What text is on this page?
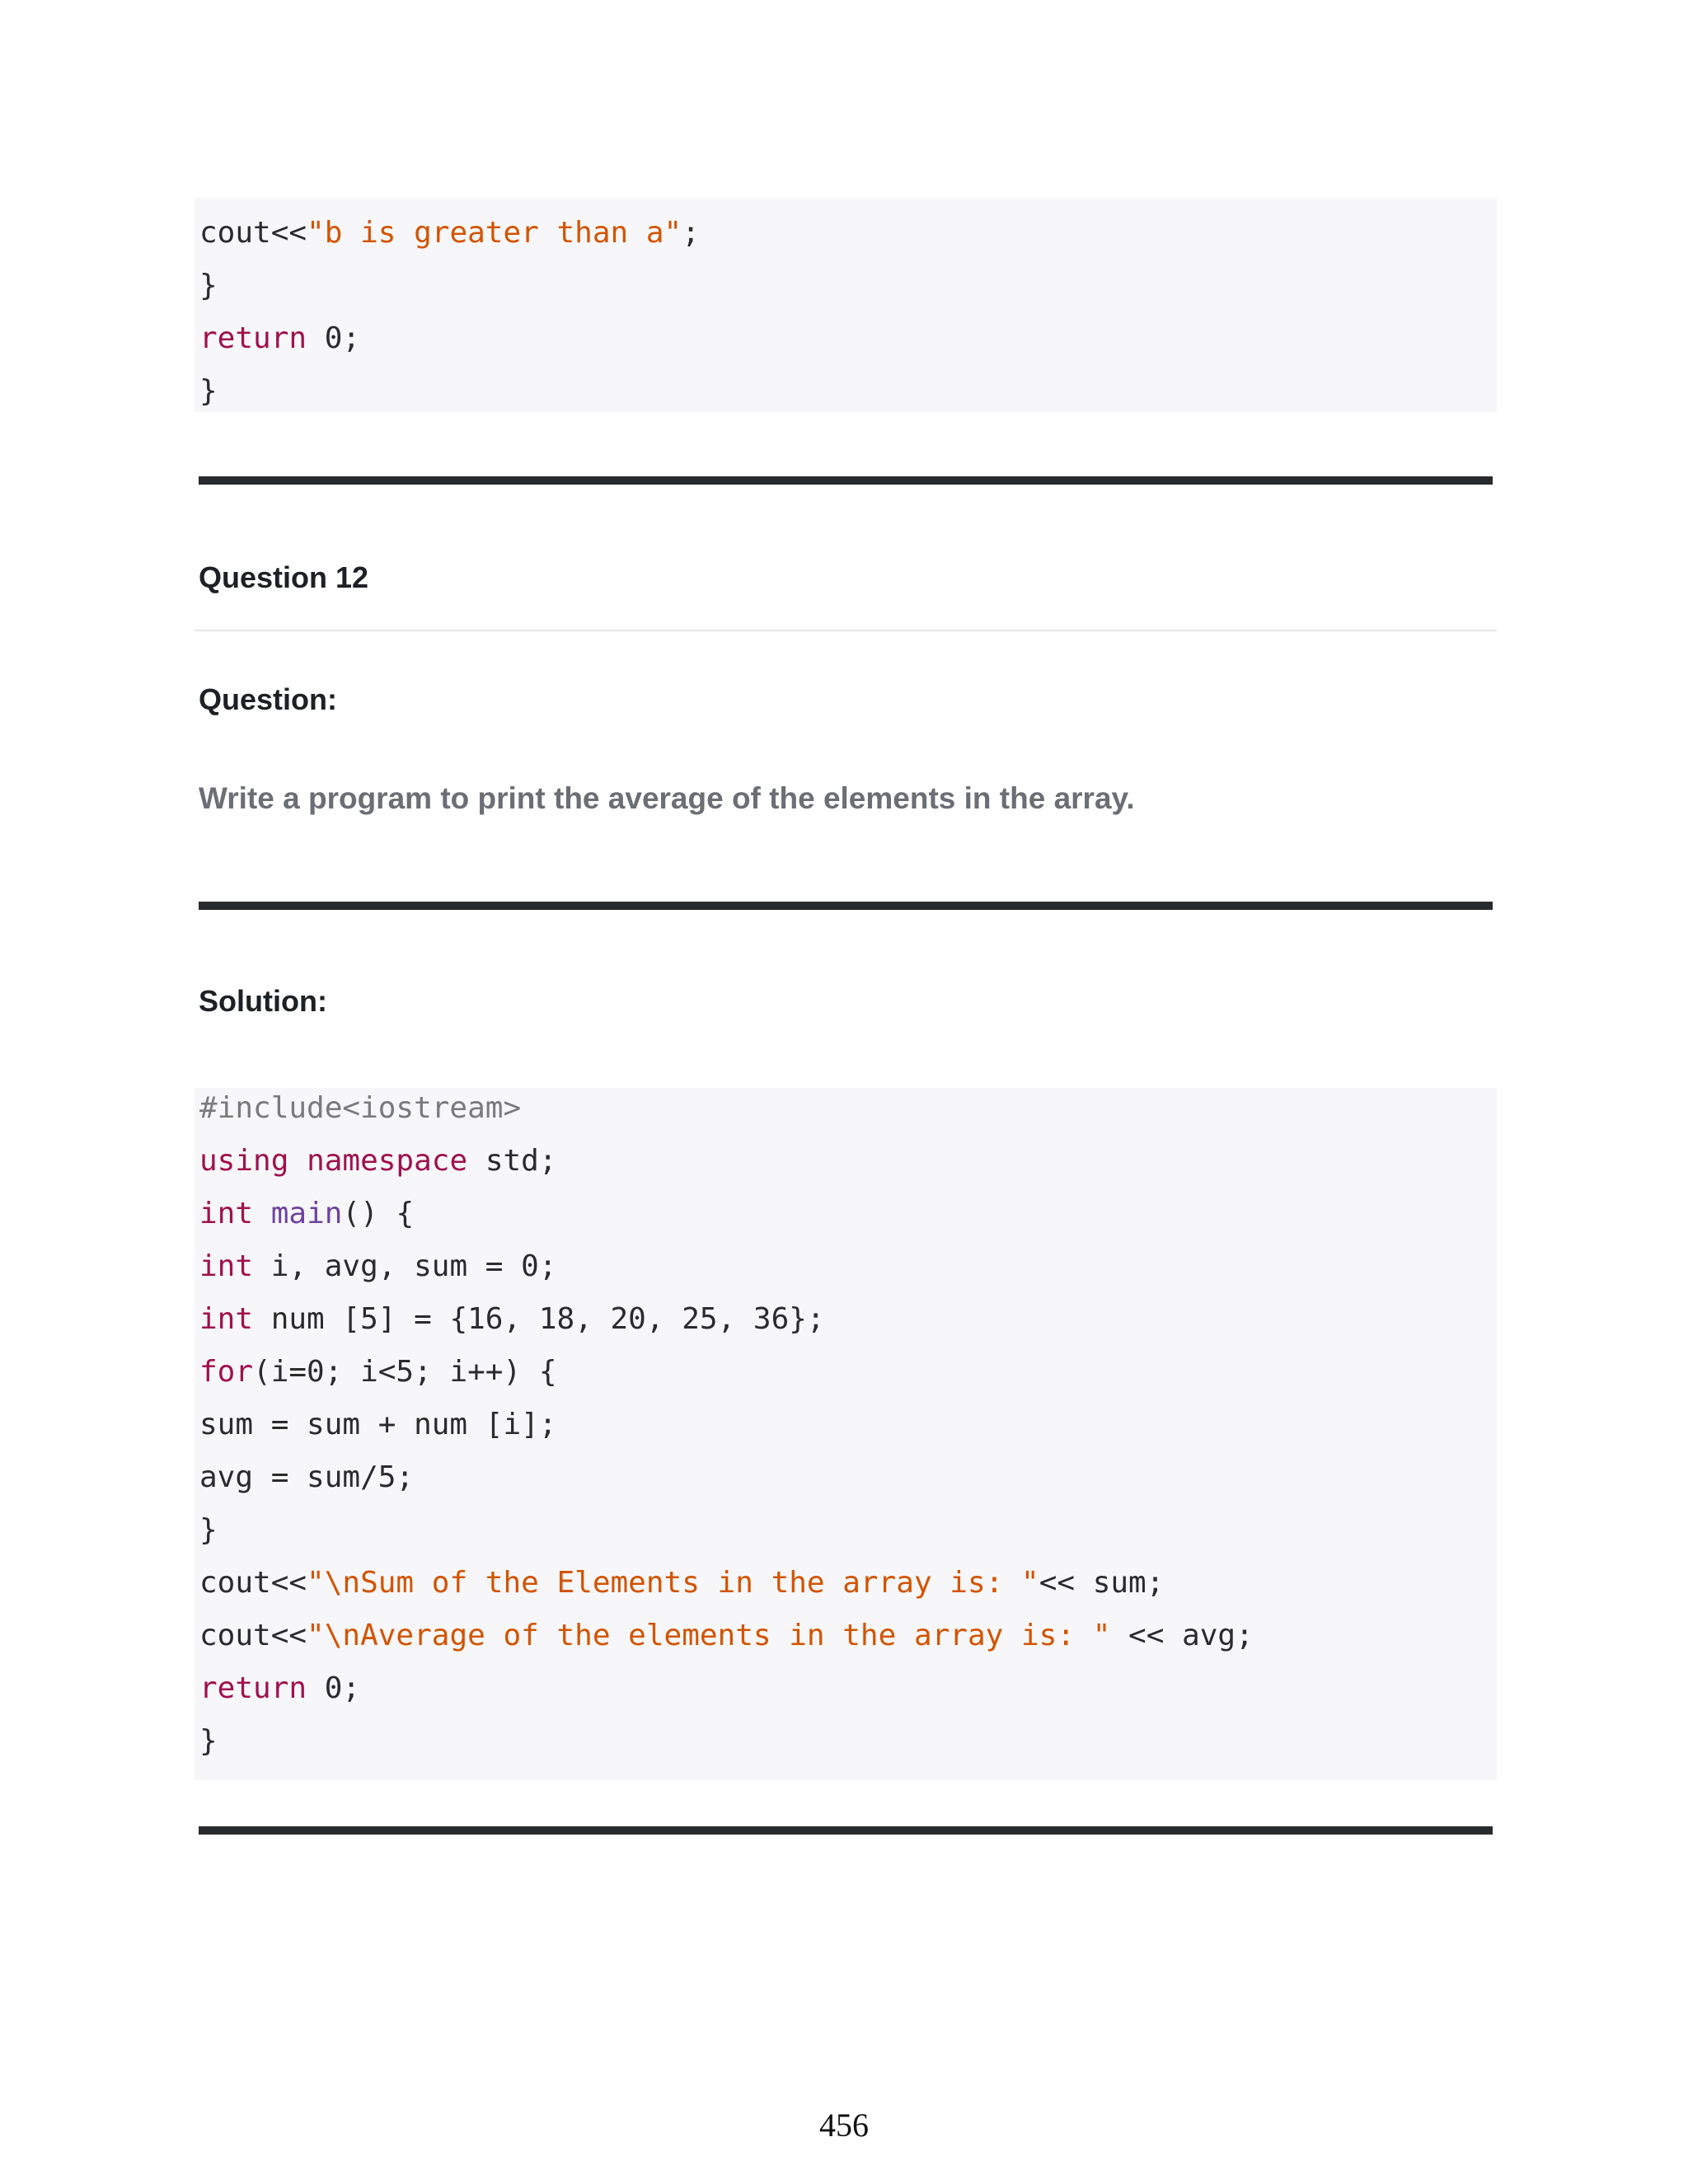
cout<<"b is greater than a";
}
return 0;
}
Question 12
Question:
Write a program to print the average of the elements in the array.
Solution:
#include<iostream>
using namespace std;
int main() {
int i, avg, sum = 0;
int num [5] = {16, 18, 20, 25, 36};
for(i=0; i<5; i++) {
sum = sum + num [i];
avg = sum/5;
}
cout<<"\nSum of the Elements in the array is: "<< sum;
cout<<"\nAverage of the elements in the array is: " << avg;
return 0;
}
456
